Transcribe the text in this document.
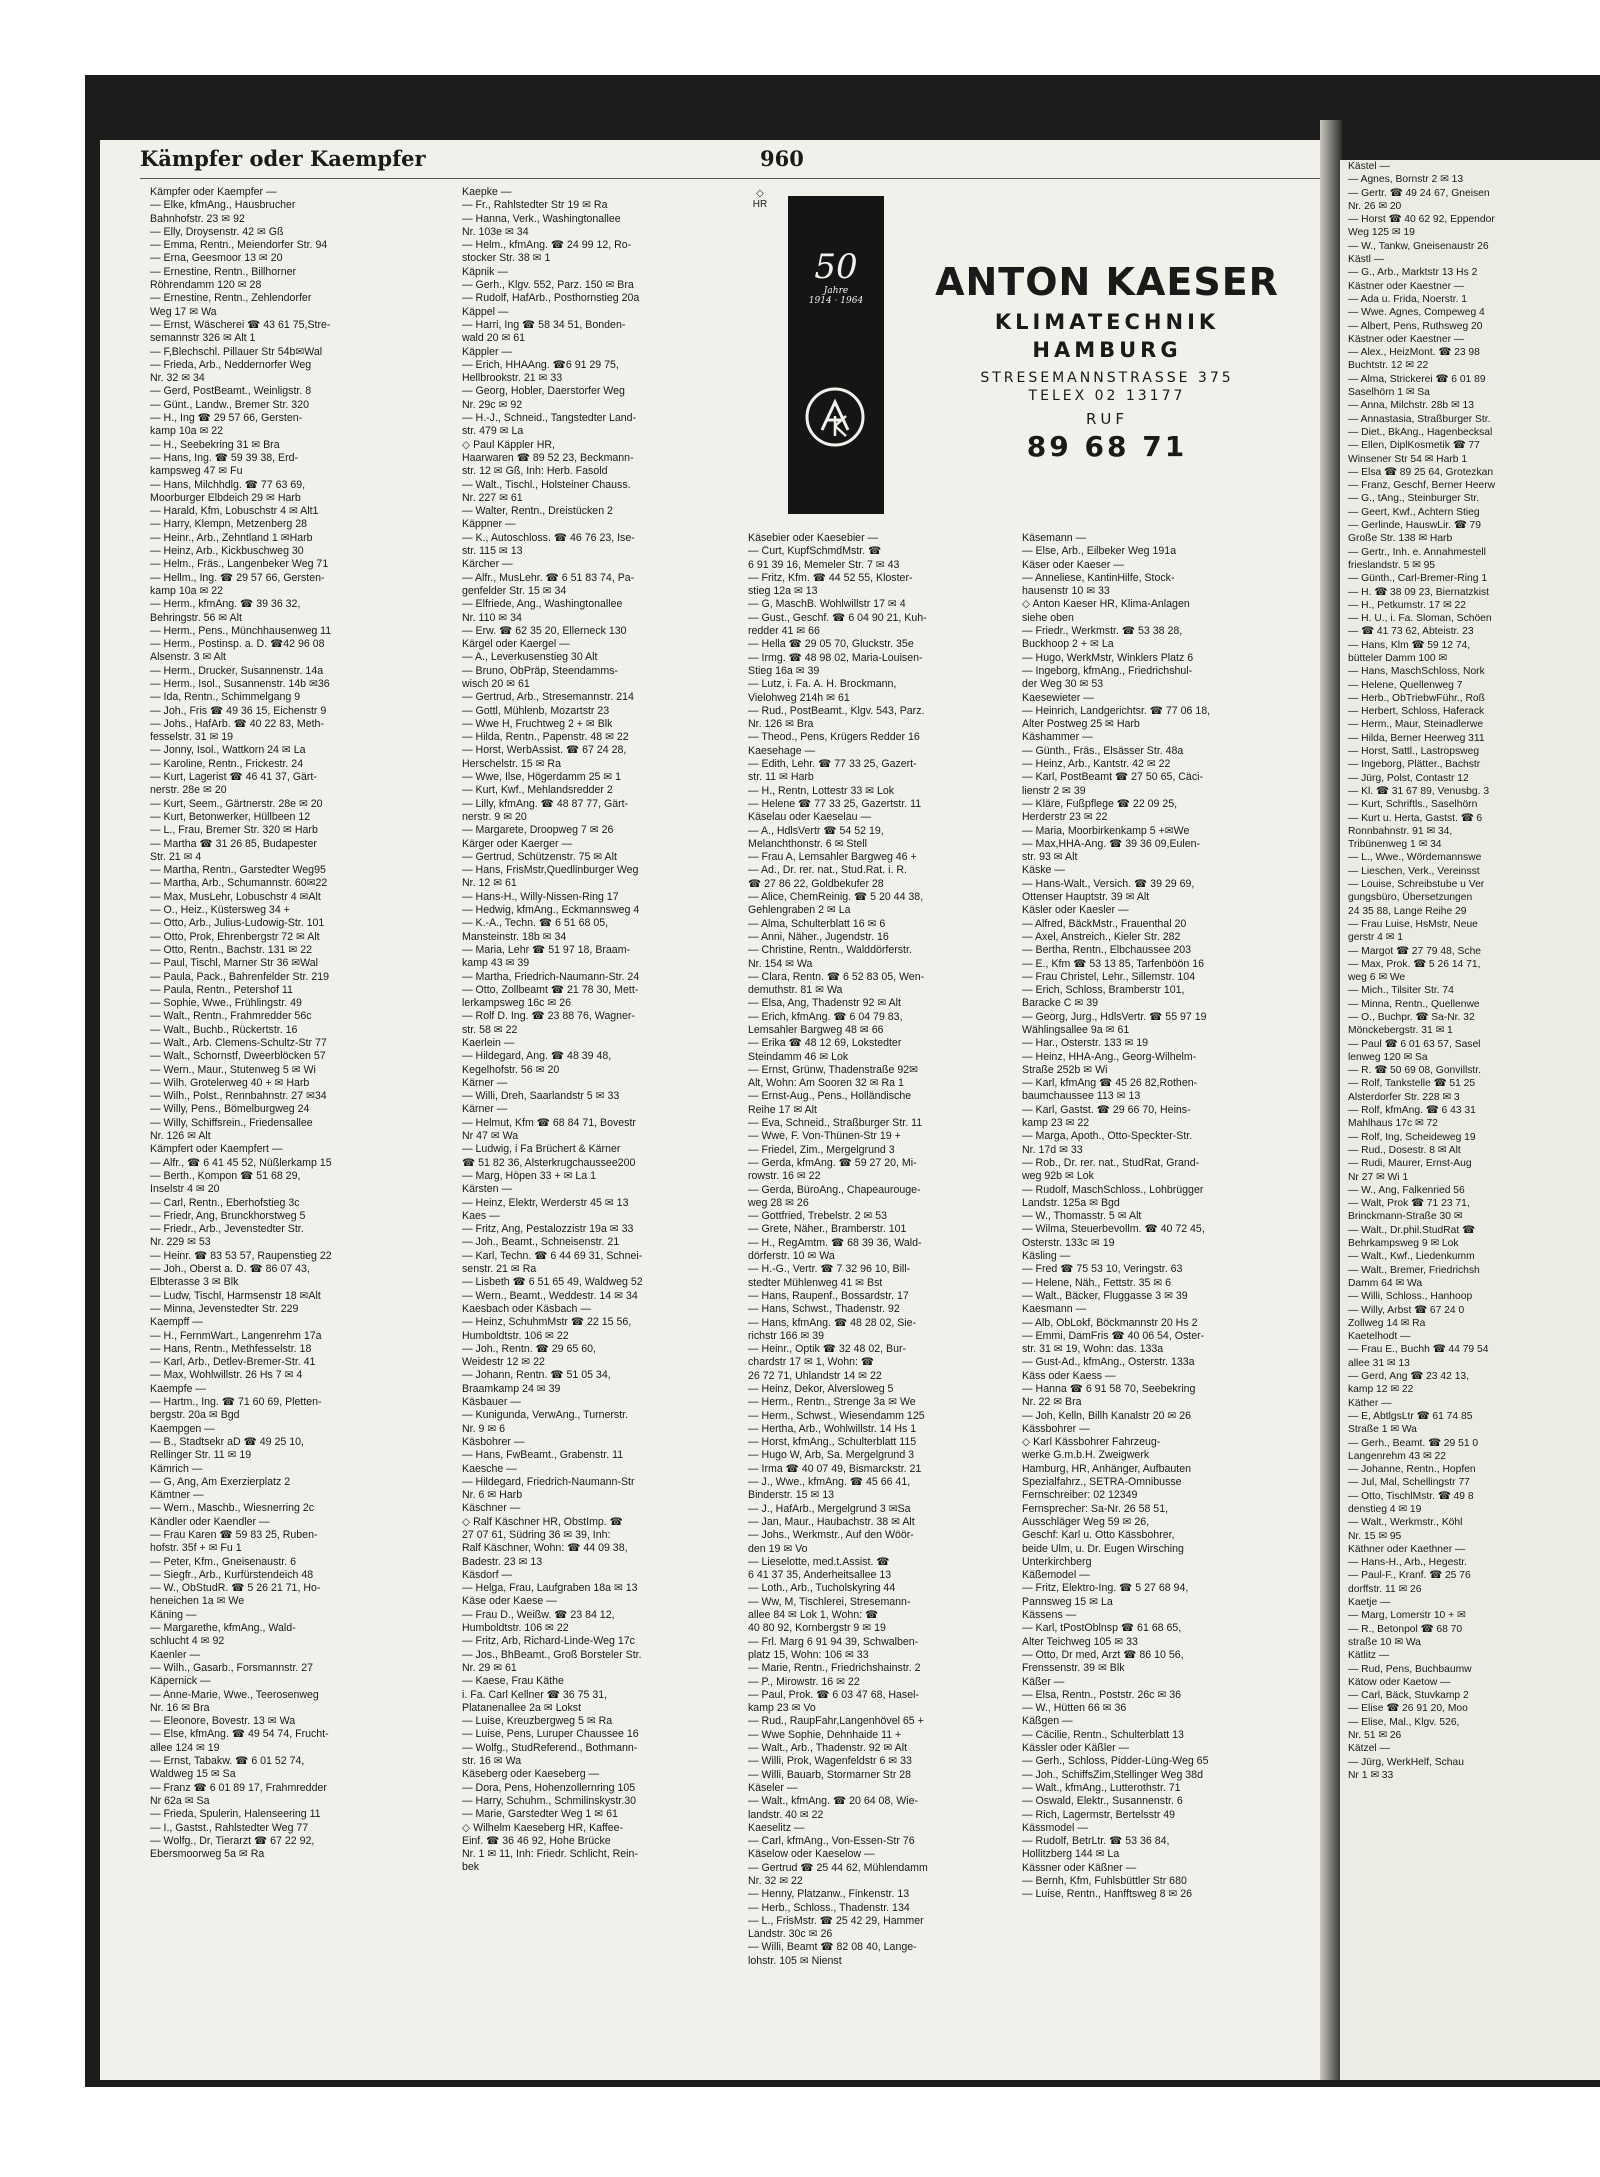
Kämpfer oder Kaempfer	960
Kämpfer oder Kaempfer —
— Elke, kfmAng., Hausbrucher
Bahnhofstr. 23 ✉ 92
— Elly, Droysenstr. 42 ✉ Gß
— Emma, Rentn., Meiendorfer Str. 94
— Erna, Geesmoor 13 ✉ 20
— Ernestine, Rentn., Billhorner
Röhrendamm 120 ✉ 28
— Ernestine, Rentn., Zehlendorfer
Weg 17 ✉ Wa
— Ernst, Wäscherei ☎ 43 61 75,Stre-
semannstr 326 ✉ Alt 1
— F,Blechschl. Pillauer Str 54b✉Wal
— Frieda, Arb., Neddernorfer Weg
Nr. 32 ✉ 34
— Gerd, PostBeamt., Weinligstr. 8
— Günt., Landw., Bremer Str. 320
— H., Ing ☎ 29 57 66, Gersten-
kamp 10a ✉ 22
— H., Seebekring 31 ✉ Bra
— Hans, Ing. ☎ 59 39 38, Erd-
kampsweg 47 ✉ Fu
— Hans, Milchhdlg. ☎ 77 63 69,
Moorburger Elbdeich 29 ✉ Harb
— Harald, Kfm, Lobuschstr 4 ✉ Alt1
— Harry, Klempn, Metzenberg 28
— Heinr., Arb., Zehntland 1 ✉Harb
— Heinz, Arb., Kickbuschweg 30
— Helm., Fräs., Langenbeker Weg 71
— Hellm., Ing. ☎ 29 57 66, Gersten-
kamp 10a ✉ 22
— Herm., kfmAng. ☎ 39 36 32,
Behringstr. 56 ✉ Alt
— Herm., Pens., Münchhausenweg 11
— Herm., Postinsp. a. D. ☎42 96 08
Alsenstr. 3 ✉ Alt
— Herm., Drucker, Susannenstr. 14a
— Herm., Isol., Susannenstr. 14b ✉36
— Ida, Rentn., Schimmelgang 9
— Joh., Fris ☎ 49 36 15, Eichenstr 9
— Johs., HafArb. ☎ 40 22 83, Meth-
fesselstr. 31 ✉ 19
— Jonny, Isol., Wattkorn 24 ✉ La
— Karoline, Rentn., Frickestr. 24
— Kurt, Lagerist ☎ 46 41 37, Gärt-
nerstr. 28e ✉ 20
— Kurt, Seem., Gärtnerstr. 28e ✉ 20
— Kurt, Betonwerker, Hüllbeen 12
— L., Frau, Bremer Str. 320 ✉ Harb
— Martha ☎ 31 26 85, Budapester
Str. 21 ✉ 4
— Martha, Rentn., Garstedter Weg95
— Martha, Arb., Schumannstr. 60✉22
— Max, MusLehr, Lobuschstr 4 ✉Alt
— O., Heiz., Küstersweg 34 +
— Otto, Arb., Julius-Ludowig-Str. 101
— Otto, Prok, Ehrenbergstr 72 ✉ Alt
— Otto, Rentn., Bachstr. 131 ✉ 22
— Paul, Tischl, Marner Str 36 ✉Wal
— Paula, Pack., Bahrenfelder Str. 219
— Paula, Rentn., Petershof 11
— Sophie, Wwe., Frühlingstr. 49
— Walt., Rentn., Frahmredder 56c
— Walt., Buchb., Rückertstr. 16
— Walt., Arb. Clemens-Schultz-Str 77
— Walt., Schornstf, Dweerblöcken 57
— Wern., Maur., Stutenweg 5 ✉ Wi
— Wilh. Grotelerweg 40 + ✉ Harb
— Wilh., Polst., Rennbahnstr. 27 ✉34
— Willy, Pens., Bömelburgweg 24
— Willy, Schiffsrein., Friedensallee
Nr. 126 ✉ Alt
Kämpfert oder Kaempfert —
— Alfr., ☎ 6 41 45 52, Nüßlerkamp 15
— Berth., Kompon ☎ 51 68 29,
Inselstr 4 ✉ 20
— Carl, Rentn., Eberhofstieg 3c
— Friedr, Ang, Brunckhorstweg 5
— Friedr., Arb., Jevenstedter Str.
Nr. 229 ✉ 53
— Heinr. ☎ 83 53 57, Raupenstieg 22
— Joh., Oberst a. D. ☎ 86 07 43,
Elbterasse 3 ✉ Blk
— Ludw, Tischl, Harmsenstr 18 ✉Alt
— Minna, Jevenstedter Str. 229
Kaempff —
— H., FernmWart., Langenrehm 17a
— Hans, Rentn., Methfesselstr. 18
— Karl, Arb., Detlev-Bremer-Str. 41
— Max, Wohlwillstr. 26 Hs 7 ✉ 4
Kaempfe —
— Hartm., Ing. ☎ 71 60 69, Pletten-
bergstr. 20a ✉ Bgd
Kaempgen —
— B., Stadtsekr aD ☎ 49 25 10,
Rellinger Str. 11 ✉ 19
Kämrich —
— G, Ang, Am Exerzierplatz 2
Kämtner —
— Wern., Maschb., Wiesnerring 2c
Kändler oder Kaendler —
— Frau Karen ☎ 59 83 25, Ruben-
hofstr. 35f + ✉ Fu 1
— Peter, Kfm., Gneisenaustr. 6
— Siegfr., Arb., Kurfürstendeich 48
— W., ObStudR. ☎ 5 26 21 71, Ho-
heneichen 1a ✉ We
Käning —
— Margarethe, kfmAng., Wald-
schlucht 4 ✉ 92
Kaenler —
— Wilh., Gasarb., Forsmannstr. 27
Käpernick —
— Anne-Marie, Wwe., Teerosenweg
Nr. 16 ✉ Bra
— Eleonore, Bovestr. 13 ✉ Wa
— Else, kfmAng. ☎ 49 54 74, Frucht-
allee 124 ✉ 19
— Ernst, Tabakw. ☎ 6 01 52 74,
Waldweg 15 ✉ Sa
— Franz ☎ 6 01 89 17, Frahmredder
Nr 62a ✉ Sa
— Frieda, Spulerin, Halenseering 11
— I., Gastst., Rahlstedter Weg 77
— Wolfg., Dr, Tierarzt ☎ 67 22 92,
Ebersmoorweg 5a ✉ Ra
Kaepke —
— Fr., Rahlstedter Str 19 ✉ Ra
— Hanna, Verk., Washingtonallee
Nr. 103e ✉ 34
— Helm., kfmAng. ☎ 24 99 12, Ro-
stocker Str. 38 ✉ 1
Käpnik —
— Gerh., Klgv. 552, Parz. 150 ✉ Bra
— Rudolf, HafArb., Posthornstieg 20a
Käppel —
— Harri, Ing ☎ 58 34 51, Bonden-
wald 20 ✉ 61
Käppler —
— Erich, HHAAng. ☎6 91 29 75,
Hellbrookstr. 21 ✉ 33
— Georg, Hobler, Daerstorfer Weg
Nr. 29c ✉ 92
— H.-J., Schneid., Tangstedter Land-
str. 479 ✉ La
◇ Paul Käppler HR,
Haarwaren ☎ 89 52 23, Beckmann-
str. 12 ✉ Gß, Inh: Herb. Fasold
— Walt., Tischl., Holsteiner Chauss.
Nr. 227 ✉ 61
— Walter, Rentn., Dreistücken 2
Käppner —
— K., Autoschloss. ☎ 46 76 23, Ise-
str. 115 ✉ 13
Kärcher —
— Alfr., MusLehr. ☎ 6 51 83 74, Pa-
genfelder Str. 15 ✉ 34
— Elfriede, Ang., Washingtonallee
Nr. 110 ✉ 34
— Erw. ☎ 62 35 20, Ellerneck 130
Kärgel oder Kaergel —
— A., Leverkusenstieg 30 Alt
— Bruno, ObPräp, Steendamms-
wisch 20 ✉ 61
— Gertrud, Arb., Stresemannstr. 214
— Gottl, Mühlenb, Mozartstr 23
— Wwe H, Fruchtweg 2 + ✉ Blk
— Hilda, Rentn., Papenstr. 48 ✉ 22
— Horst, WerbAssist. ☎ 67 24 28,
Herschelstr. 15 ✉ Ra
— Wwe, Ilse, Högerdamm 25 ✉ 1
— Kurt, Kwf., Mehlandsredder 2
— Lilly, kfmAng. ☎ 48 87 77, Gärt-
nerstr. 9 ✉ 20
— Margarete, Droopweg 7 ✉ 26
Kärger oder Kaerger —
— Gertrud, Schützenstr. 75 ✉ Alt
— Hans, FrisMstr,Quedlinburger Weg
Nr. 12 ✉ 61
— Hans-H., Willy-Nissen-Ring 17
— Hedwig, kfmAng., Eckmannsweg 4
— K.-A., Techn. ☎ 6 51 68 05,
Mansteinstr. 18b ✉ 34
— Maria, Lehr ☎ 51 97 18, Braam-
kamp 43 ✉ 39
— Martha, Friedrich-Naumann-Str. 24
— Otto, Zollbeamt ☎ 21 78 30, Mett-
lerkampsweg 16c ✉ 26
— Rolf D. Ing. ☎ 23 88 76, Wagner-
str. 58 ✉ 22
Kaerlein —
— Hildegard, Ang. ☎ 48 39 48,
Kegelhofstr. 56 ✉ 20
Kärner —
— Willi, Dreh, Saarlandstr 5 ✉ 33
Kärner —
— Helmut, Kfm ☎ 68 84 71, Bovestr
Nr 47 ✉ Wa
— Ludwig, i Fa Brüchert & Kärner
☎ 51 82 36, Alsterkrugchaussee200
— Marg, Höpen 33 + ✉ La 1
Kärsten —
— Heinz, Elektr, Werderstr 45 ✉ 13
Kaes —
— Fritz, Ang, Pestalozzistr 19a ✉ 33
— Joh., Beamt., Schneisenstr. 21
— Karl, Techn. ☎ 6 44 69 31, Schnei-
senstr. 21 ✉ Ra
— Lisbeth ☎ 6 51 65 49, Waldweg 52
— Wern., Beamt., Weddestr. 14 ✉ 34
Kaesbach oder Käsbach —
— Heinz, SchuhmMstr ☎ 22 15 56,
Humboldtstr. 106 ✉ 22
— Joh., Rentn. ☎ 29 65 60,
Weidestr 12 ✉ 22
— Johann, Rentn. ☎ 51 05 34,
Braamkamp 24 ✉ 39
Käsbauer —
— Kunigunda, VerwAng., Turnerstr.
Nr. 9 ✉ 6
Käsbohrer —
— Hans, FwBeamt., Grabenstr. 11
Kaesche —
— Hildegard, Friedrich-Naumann-Str
Nr. 6 ✉ Harb
Käschner —
◇ Ralf Käschner HR, ObstImp. ☎
27 07 61, Südring 36 ✉ 39, Inh:
Ralf Käschner, Wohn: ☎ 44 09 38,
Badestr. 23 ✉ 13
Käsdorf —
— Helga, Frau, Laufgraben 18a ✉ 13
Käse oder Kaese —
— Frau D., Weißw. ☎ 23 84 12,
Humboldtstr. 106 ✉ 22
— Fritz, Arb, Richard-Linde-Weg 17c
— Jos., BhBeamt., Groß Borsteler Str.
Nr. 29 ✉ 61
— Kaese, Frau Käthe
i. Fa. Carl Kellner ☎ 36 75 31,
Platanenallee 2a ✉ Lokst
— Luise, Kreuzbergweg 5 ✉ Ra
— Luise, Pens, Luruper Chaussee 16
— Wolfg., StudReferend., Bothmann-
str. 16 ✉ Wa
Käseberg oder Kaeseberg —
— Dora, Pens, Hohenzollernring 105
— Harry, Schuhm., Schmilinskystr.30
— Marie, Garstedter Weg 1 ✉ 61
◇ Wilhelm Kaeseberg HR, Kaffee-
Einf. ☎ 36 46 92, Hohe Brücke
Nr. 1 ✉ 11, Inh: Friedr. Schlicht, Rein-
bek
◇ HR
50
Jahre
1914 · 1964	ANTON KAESER
KLIMATECHNIK
HAMBURG
STRESEMANNSTRASSE 375
TELEX 02 13177
RUF
89 68 71
Käsebier oder Kaesebier —
— Curt, KupfSchmdMstr. ☎
6 91 39 16, Memeler Str. 7 ✉ 43
— Fritz, Kfm. ☎ 44 52 55, Kloster-
stieg 12a ✉ 13
— G, MaschB. Wohlwillstr 17 ✉ 4
— Gust., Geschf. ☎ 6 04 90 21, Kuh-
redder 41 ✉ 66
— Hella ☎ 29 05 70, Gluckstr. 35e
— Irmg. ☎ 48 98 02, Maria-Louisen-
Stieg 16a ✉ 39
— Lutz, i. Fa. A. H. Brockmann,
Vielohweg 214h ✉ 61
— Rud., PostBeamt., Klgv. 543, Parz.
Nr. 126 ✉ Bra
— Theod., Pens, Krügers Redder 16
Kaesehage —
— Edith, Lehr. ☎ 77 33 25, Gazert-
str. 11 ✉ Harb
— H., Rentn, Lottestr 33 ✉ Lok
— Helene ☎ 77 33 25, Gazertstr. 11
Käselau oder Kaeselau —
— A., HdlsVertr ☎ 54 52 19,
Melanchthonstr. 6 ✉ Stell
— Frau A, Lemsahler Bargweg 46 +
— Ad., Dr. rer. nat., Stud.Rat. i. R.
☎ 27 86 22, Goldbekufer 28
— Alice, ChemReinig. ☎ 5 20 44 38,
Gehlengraben 2 ✉ La
— Alma, Schulterblatt 16 ✉ 6
— Anni, Näher., Jugendstr. 16
— Christine, Rentn., Walddörferstr.
Nr. 154 ✉ Wa
— Clara, Rentn. ☎ 6 52 83 05, Wen-
demuthstr. 81 ✉ Wa
— Elsa, Ang, Thadenstr 92 ✉ Alt
— Erich, kfmAng. ☎ 6 04 79 83,
Lemsahler Bargweg 48 ✉ 66
— Erika ☎ 48 12 69, Lokstedter
Steindamm 46 ✉ Lok
— Ernst, Grünw, Thadenstraße 92✉
Alt, Wohn: Am Sooren 32 ✉ Ra 1
— Ernst-Aug., Pens., Holländische
Reihe 17 ✉ Alt
— Eva, Schneid., Straßburger Str. 11
— Wwe, F. Von-Thünen-Str 19 +
— Friedel, Zim., Mergelgrund 3
— Gerda, kfmAng. ☎ 59 27 20, Mi-
rowstr. 16 ✉ 22
— Gerda, BüroAng., Chapeaurouge-
weg 28 ✉ 26
— Gottfried, Trebelstr. 2 ✉ 53
— Grete, Näher., Bramberstr. 101
— H., RegAmtm. ☎ 68 39 36, Wald-
dörferstr. 10 ✉ Wa
— H.-G., Vertr. ☎ 7 32 96 10, Bill-
stedter Mühlenweg 41 ✉ Bst
— Hans, Raupenf., Bossardstr. 17
— Hans, Schwst., Thadenstr. 92
— Hans, kfmAng. ☎ 48 28 02, Sie-
richstr 166 ✉ 39
— Heinr., Optik ☎ 32 48 02, Bur-
chardstr 17 ✉ 1, Wohn: ☎
26 72 71, Uhlandstr 14 ✉ 22
— Heinz, Dekor, Alversloweg 5
— Herm., Rentn., Strenge 3a ✉ We
— Herm., Schwst., Wiesendamm 125
— Hertha, Arb., Wohlwillstr. 14 Hs 1
— Horst, kfmAng., Schulterblatt 115
— Hugo W, Arb, Sa. Mergelgrund 3
— Irma ☎ 40 07 49, Bismarckstr. 21
— J., Wwe., kfmAng. ☎ 45 66 41,
Binderstr. 15 ✉ 13
— J., HafArb., Mergelgrund 3 ✉Sa
— Jan, Maur., Haubachstr. 38 ✉ Alt
— Johs., Werkmstr., Auf den Wöör-
den 19 ✉ Vo
— Lieselotte, med.t.Assist. ☎
6 41 37 35, Anderheitsallee 13
— Loth., Arb., Tucholskyring 44
— Ww, M, Tischlerei, Stresemann-
allee 84 ✉ Lok 1, Wohn: ☎
40 80 92, Kornbergstr 9 ✉ 19
— Frl. Marg 6 91 94 39, Schwalben-
platz 15, Wohn: 106 ✉ 33
— Marie, Rentn., Friedrichshainstr. 2
— P., Mirowstr. 16 ✉ 22
— Paul, Prok. ☎ 6 03 47 68, Hasel-
kamp 23 ✉ Vo
— Rud., RaupFahr,Langenhövel 65 +
— Wwe Sophie, Dehnhaide 11 +
— Walt., Arb., Thadenstr. 92 ✉ Alt
— Willi, Prok, Wagenfeldstr 6 ✉ 33
— Willi, Bauarb, Stormarner Str 28
Käseler —
— Walt., kfmAng. ☎ 20 64 08, Wie-
landstr. 40 ✉ 22
Kaeselitz —
— Carl, kfmAng., Von-Essen-Str 76
Käselow oder Kaeselow —
— Gertrud ☎ 25 44 62, Mühlendamm
Nr. 32 ✉ 22
— Henny, Platzanw., Finkenstr. 13
— Herb., Schloss., Thadenstr. 134
— L., FrisMstr. ☎ 25 42 29, Hammer
Landstr. 30c ✉ 26
— Willi, Beamt ☎ 82 08 40, Lange-
lohstr. 105 ✉ Nienst
Käsemann —
— Else, Arb., Eilbeker Weg 191a
Käser oder Kaeser —
— Anneliese, KantinHilfe, Stock-
hausenstr 10 ✉ 33
◇ Anton Kaeser HR, Klima-Anlagen
siehe oben
— Friedr., Werkmstr. ☎ 53 38 28,
Buckhoop 2 + ✉ La
— Hugo, WerkMstr, Winklers Platz 6
— Ingeborg, kfmAng., Friedrichshul-
der Weg 30 ✉ 53
Kaesewieter —
— Heinrich, Landgerichtsr. ☎ 77 06 18,
Alter Postweg 25 ✉ Harb
Käshammer —
— Günth., Fräs., Elsässer Str. 48a
— Heinz, Arb., Kantstr. 42 ✉ 22
— Karl, PostBeamt ☎ 27 50 65, Cäci-
lienstr 2 ✉ 39
— Kläre, Fußpflege ☎ 22 09 25,
Herderstr 23 ✉ 22
— Maria, Moorbirkenkamp 5 +✉We
— Max,HHA-Ang. ☎ 39 36 09,Eulen-
str. 93 ✉ Alt
Käske —
— Hans-Walt., Versich. ☎ 39 29 69,
Ottenser Hauptstr. 39 ✉ Alt
Käsler oder Kaesler —
— Alfred, BäckMstr., Frauenthal 20
— Axel, Anstreich., Kieler Str. 282
— Bertha, Rentn., Elbchaussee 203
— E., Kfm ☎ 53 13 85, Tarfenböön 16
— Frau Christel, Lehr., Sillemstr. 104
— Erich, Schloss, Bramberstr 101,
Baracke C ✉ 39
— Georg, Jurg., HdlsVertr. ☎ 55 97 19
Wählingsallee 9a ✉ 61
— Har., Osterstr. 133 ✉ 19
— Heinz, HHA-Ang., Georg-Wilhelm-
Straße 252b ✉ Wi
— Karl, kfmAng ☎ 45 26 82,Rothen-
baumchaussee 113 ✉ 13
— Karl, Gastst. ☎ 29 66 70, Heins-
kamp 23 ✉ 22
— Marga, Apoth., Otto-Speckter-Str.
Nr. 17d ✉ 33
— Rob., Dr. rer. nat., StudRat, Grand-
weg 92b ✉ Lok
— Rudolf, MaschSchloss., Lohbrügger
Landstr. 125a ✉ Bgd
— W., Thomasstr. 5 ✉ Alt
— Wilma, Steuerbevollm. ☎ 40 72 45,
Osterstr. 133c ✉ 19
Käsling —
— Fred ☎ 75 53 10, Veringstr. 63
— Helene, Näh., Fettstr. 35 ✉ 6
— Walt., Bäcker, Fluggasse 3 ✉ 39
Kaesmann —
— Alb, ObLokf, Böckmannstr 20 Hs 2
— Emmi, DamFris ☎ 40 06 54, Oster-
str. 31 ✉ 19, Wohn: das. 133a
— Gust-Ad., kfmAng., Osterstr. 133a
Käss oder Kaess —
— Hanna ☎ 6 91 58 70, Seebekring
Nr. 22 ✉ Bra
— Joh, Kelln, Billh Kanalstr 20 ✉ 26
Kässbohrer —
◇ Karl Kässbohrer Fahrzeug-
werke G.m.b.H. Zweigwerk
Hamburg, HR, Anhänger, Aufbauten
Spezialfahrz., SETRA-Omnibusse
Fernschreiber: 02 12349
Fernsprecher: Sa-Nr. 26 58 51,
Ausschläger Weg 59 ✉ 26,
Geschf: Karl u. Otto Kässbohrer,
beide Ulm, u. Dr. Eugen Wirsching
Unterkirchberg
Käßemodel —
— Fritz, Elektro-Ing. ☎ 5 27 68 94,
Pannsweg 15 ✉ La
Kässens —
— Karl, tPostOblnsp ☎ 61 68 65,
Alter Teichweg 105 ✉ 33
— Otto, Dr med, Arzt ☎ 86 10 56,
Frenssenstr. 39 ✉ Blk
Käßer —
— Elsa, Rentn., Poststr. 26c ✉ 36
— W., Hütten 66 ✉ 36
Käßgen —
— Cäcilie, Rentn., Schulterblatt 13
Kässler oder Käßler —
— Gerh., Schloss, Pidder-Lüng-Weg 65
— Joh., SchiffsZim,Stellinger Weg 38d
— Walt., kfmAng., Lutterothstr. 71
— Oswald, Elektr., Susannenstr. 6
— Rich, Lagermstr, Bertelsstr 49
Kässmodel —
— Rudolf, BetrLtr. ☎ 53 36 84,
Hollitzberg 144 ✉ La
Kässner oder Käßner —
— Bernh, Kfm, Fuhlsbüttler Str 680
— Luise, Rentn., Hanfftsweg 8 ✉ 26
Kästel —
— Agnes, Bornstr 2 ✉ 13
— Gertr. ☎ 49 24 67, Gneisen
Nr. 26 ✉ 20
— Horst ☎ 40 62 92, Eppendor
Weg 125 ✉ 19
— W., Tankw, Gneisenaustr 26
Kästl —
— G., Arb., Marktstr 13 Hs 2
Kästner oder Kaestner —
— Ada u. Frida, Noerstr. 1
— Wwe. Agnes, Compeweg 4
— Albert, Pens, Ruthsweg 20
Kästner oder Kaestner —
— Alex., HeizMont. ☎ 23 98
Buchtstr. 12 ✉ 22
— Alma, Strickerei ☎ 6 01 89
Saselhörn 1 ✉ Sa
— Anna, Milchstr. 28b ✉ 13
— Annastasia, Straßburger Str.
— Diet., BkAng., Hagenbecksal
— Ellen, DiplKosmetik ☎ 77
Winsener Str 54 ✉ Harb 1
— Elsa ☎ 89 25 64, Grotezkan
— Franz, Geschf, Berner Heerw
— G., tAng., Steinburger Str.
— Geert, Kwf., Achtern Stieg
— Gerlinde, HauswLir. ☎ 79
Große Str. 138 ✉ Harb
— Gertr., Inh. e. Annahmestell
frieslandstr. 5 ✉ 95
— Günth., Carl-Bremer-Ring 1
— H. ☎ 38 09 23, Biernatzkist
— H., Petkumstr. 17 ✉ 22
— H. U., i. Fa. Sloman, Schöen
— ☎ 41 73 62, Abteistr. 23
— Hans, Klm ☎ 59 12 74,
bütteler Damm 100 ✉
— Hans, MaschSchloss, Nork
— Helene, Quellenweg 7
— Herb., ObTriebwFühr., Roß
— Herbert, Schloss, Haferack
— Herm., Maur, Steinadlerwe
— Hilda, Berner Heerweg 311
— Horst, Sattl., Lastropsweg
— Ingeborg, Plätter., Bachstr
— Jürg, Polst, Contastr 12
— Kl. ☎ 31 67 89, Venusbg. 3
— Kurt, Schriftls., Saselhörn
— Kurt u. Herta, Gastst. ☎ 6
Ronnbahnstr. 91 ✉ 34,
Tribünenweg 1 ✉ 34
— L., Wwe., Wördemannswe
— Lieschen, Verk., Vereinsst
— Louise, Schreibstube u Ver
gungsbüro, Übersetzungen
24 35 88, Lange Reihe 29
— Frau Luise, HsMstr, Neue
gerstr 4 ✉ 1
— Margot ☎ 27 79 48, Sche
— Max, Prok. ☎ 5 26 14 71,
weg 6 ✉ We
— Mich., Tilsiter Str. 74
— Minna, Rentn., Quellenwe
— O., Buchpr. ☎ Sa-Nr. 32
Mönckebergstr. 31 ✉ 1
— Paul ☎ 6 01 63 57, Sasel
lenweg 120 ✉ Sa
— R. ☎ 50 69 08, Gonvillstr.
— Rolf, Tankstelle ☎ 51 25
Alsterdorfer Str. 228 ✉ 3
— Rolf, kfmAng. ☎ 6 43 31
Mahlhaus 17c ✉ 72
— Rolf, Ing, Scheideweg 19
— Rud., Dosestr. 8 ✉ Alt
— Rudi, Maurer, Ernst-Aug
Nr 27 ✉ Wi 1
— W., Ang, Falkenried 56
— Walt, Prok ☎ 71 23 71,
Brinckmann-Straße 30 ✉
— Walt., Dr.phil.StudRat ☎
Behrkampsweg 9 ✉ Lok
— Walt., Kwf., Liedenkumm
— Walt., Bremer, Friedrichsh
Damm 64 ✉ Wa
— Willi, Schloss., Hanhoop
— Willy, Arbst ☎ 67 24 0
Zollweg 14 ✉ Ra
Kaetelhodt —
— Frau E., Buchh ☎ 44 79 54
allee 31 ✉ 13
— Gerd, Ang ☎ 23 42 13,
kamp 12 ✉ 22
Käther —
— E, AbtlgsLtr ☎ 61 74 85
Straße 1 ✉ Wa
— Gerh., Beamt. ☎ 29 51 0
Langenrehm 43 ✉ 22
— Johanne, Rentn., Hopfen
— Jul, Mal, Schellingstr 77
— Otto, TischlMstr. ☎ 49 8
denstieg 4 ✉ 19
— Walt., Werkmstr., Köhl
Nr. 15 ✉ 95
Käthner oder Kaethner —
— Hans-H., Arb., Hegestr.
— Paul-F., Kranf. ☎ 25 76
dorffstr. 11 ✉ 26
Kaetje —
— Marg, Lomerstr 10 + ✉
— R., Betonpol ☎ 68 70
straße 10 ✉ Wa
Kätlitz —
— Rud, Pens, Buchbaumw
Kätow oder Kaetow —
— Carl, Bäck, Stuvkamp 2
— Elise ☎ 26 91 20, Moo
— Elise, Mal., Klgv. 526,
Nr. 51 ✉ 26
Kätzel —
— Jürg, WerkHelf, Schau
Nr 1 ✉ 33
